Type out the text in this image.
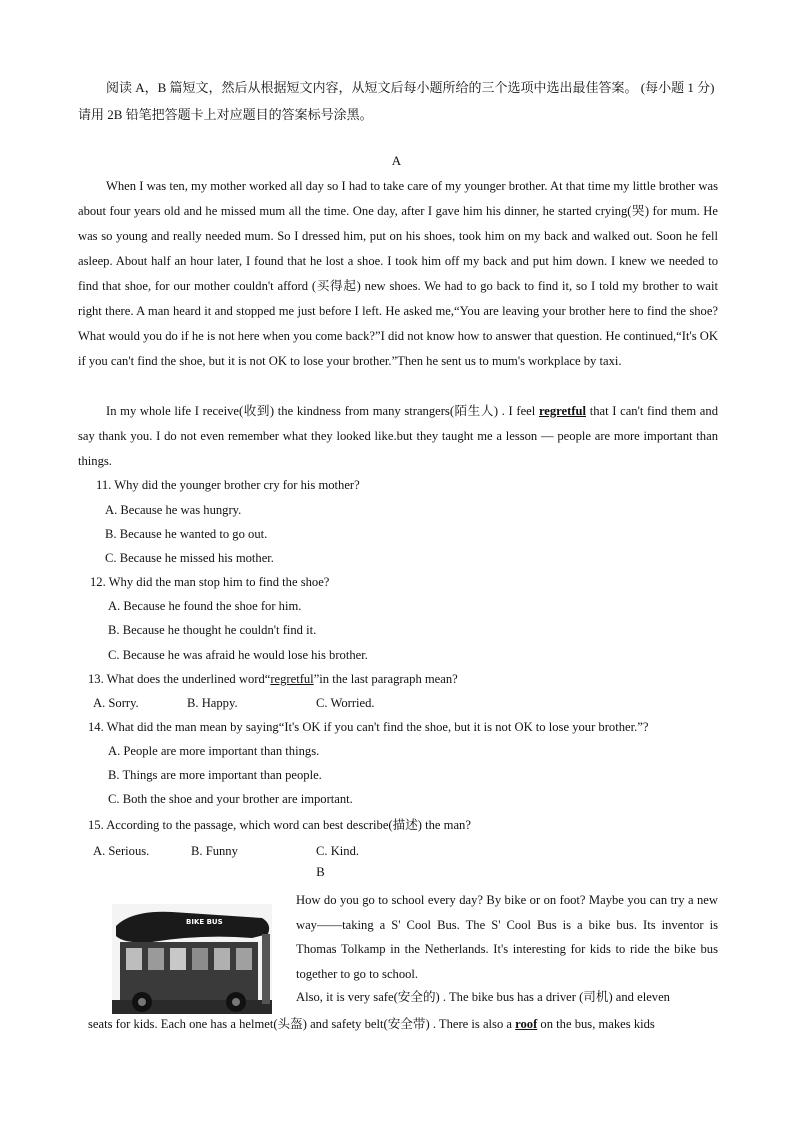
阅读 A，B 篇短文，然后从根据短文内容，从短文后每小题所给的三个选项中选出最佳答案。 (每小题 1 分) 请用 2B 铅笔把答题卡上对应题目的答案标号涂黑。
A
When I was ten, my mother worked all day so I had to take care of my younger brother. At that time my little brother was about four years old and he missed mum all the time. One day, after I gave him his dinner, he started crying(哭) for mum. He was so young and really needed mum. So I dressed him, put on his shoes, took him on my back and walked out. Soon he fell asleep. About half an hour later, I found that he lost a shoe. I took him off my back and put him down. I knew we needed to find that shoe, for our mother couldn't afford (买得起) new shoes. We had to go back to find it, so I told my brother to wait right there. A man heard it and stopped me just before I left. He asked me,“You are leaving your brother here to find the shoe? What would you do if he is not here when you come back?”I did not know how to answer that question. He continued,“It's OK if you can't find the shoe, but it is not OK to lose your brother.”Then he sent us to mum's workplace by taxi.
In my whole life I receive(收到) the kindness from many strangers(陌生人) . I feel regretful that I can't find them and say thank you. I do not even remember what they looked like.but they taught me a lesson — people are more important than things.
11. Why did the younger brother cry for his mother?
A. Because he was hungry.
B. Because he wanted to go out.
C. Because he missed his mother.
12. Why did the man stop him to find the shoe?
A. Because he found the shoe for him.
B. Because he thought he couldn't find it.
C. Because he was afraid he would lose his brother.
13. What does the underlined word“regretful”in the last paragraph mean?
A. Sorry.	B. Happy.	C. Worried.
14. What did the man mean by saying“It's OK if you can't find the shoe, but it is not OK to lose your brother.”?
A. People are more important than things.
B. Things are more important than people.
C. Both the shoe and your brother are important.
15. According to the passage, which word can best describe(描述) the man?
A. Serious.	B. Funny	C. Kind.
B
BIKE BUS
How do you go to school every day? By bike or on foot? Maybe you can try a new way——taking a S' Cool Bus. The S' Cool Bus is a bike bus. Its inventor is Thomas Tolkamp in the Netherlands. It's interesting for kids to ride the bike bus together to go to school.
Also, it is very safe(安全的) . The bike bus has a driver (司机) and eleven
seats for kids. Each one has a helmet(头盔) and safety belt(安全带) . There is also a roof on the bus, makes kids
